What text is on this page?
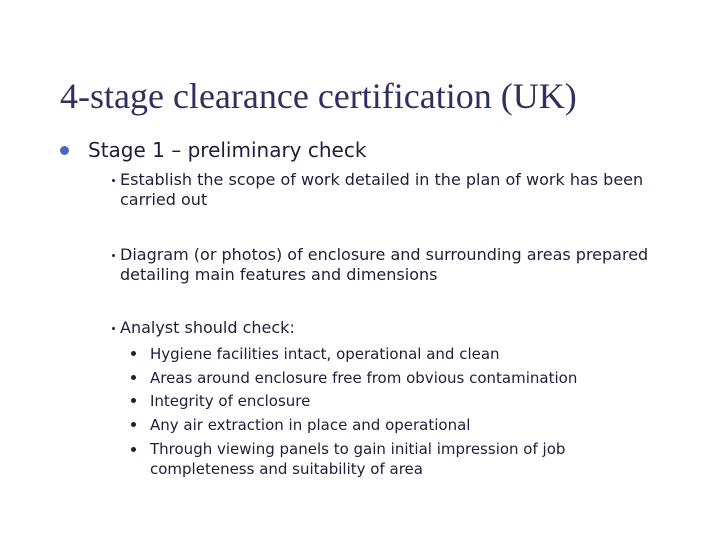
4-stage clearance certification (UK)
Stage 1 – preliminary check
Establish the scope of work detailed in the plan of work has been carried out
Diagram (or photos) of enclosure and surrounding areas prepared detailing main features and dimensions
Analyst should check:
Hygiene facilities intact, operational and clean
Areas around enclosure free from obvious contamination
Integrity of enclosure
Any air extraction in place and operational
Through viewing panels to gain initial impression of job completeness and suitability of area
